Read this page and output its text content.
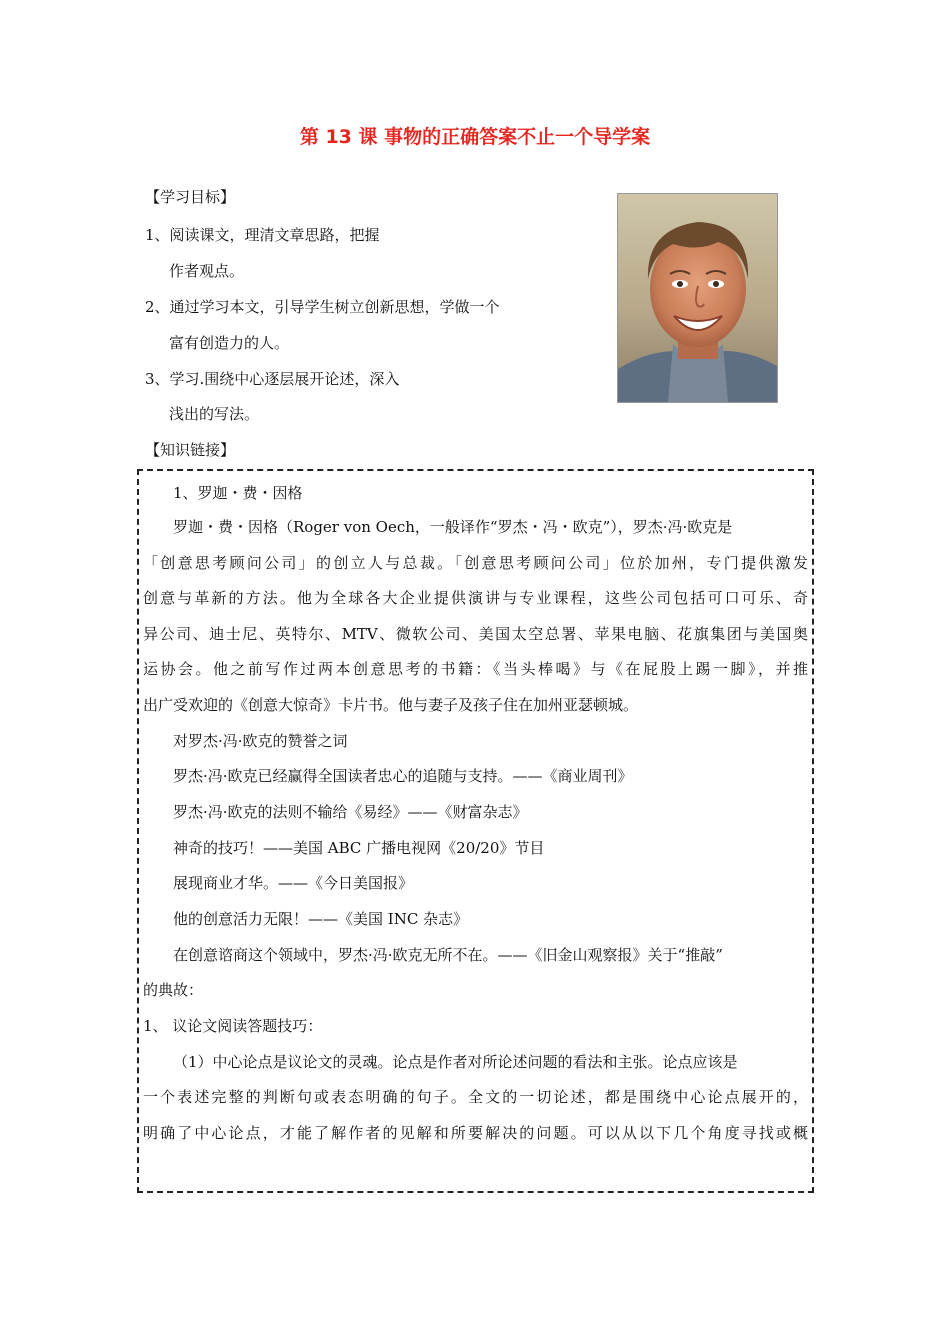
第 13 课 事物的正确答案不止一个导学案
【学习目标】
1、阅读课文，理清文章思路，把握
作者观点。
2、通过学习本文，引导学生树立创新思想，学做一个
富有创造力的人。
3、学习.围绕中心逐层展开论述，深入
浅出的写法。
【知识链接】
1、罗迦・费・因格
罗迦・费・因格（Roger von Oech，一般译作“罗杰・冯・欧克”），罗杰·冯·欧克是
「创意思考顾问公司」的创立人与总裁。「创意思考顾问公司」位於加州，专门提供激发
创意与革新的方法。他为全球各大企业提供演讲与专业课程，这些公司包括可口可乐、奇
异公司、迪士尼、英特尔、MTV、微软公司、美国太空总署、苹果电脑、花旗集团与美国奥
运协会。他之前写作过两本创意思考的书籍：《当头棒喝》与《在屁股上踢一脚》，并推
出广受欢迎的《创意大惊奇》卡片书。他与妻子及孩子住在加州亚瑟顿城。
对罗杰·冯·欧克的赞誉之词
罗杰·冯·欧克已经赢得全国读者忠心的追随与支持。——《商业周刊》
罗杰·冯·欧克的法则不输给《易经》——《财富杂志》
神奇的技巧！——美国 ABC 广播电视网《20/20》节目
展现商业才华。——《今日美国报》
他的创意活力无限！——《美国 INC 杂志》
在创意谘商这个领域中，罗杰·冯·欧克无所不在。——《旧金山观察报》关于“推敲”
的典故：
1、 议论文阅读答题技巧：
（1）中心论点是议论文的灵魂。论点是作者对所论述问题的看法和主张。论点应该是
一个表述完整的判断句或表态明确的句子。全文的一切论述，都是围绕中心论点展开的，
明确了中心论点，才能了解作者的见解和所要解决的问题。可以从以下几个角度寻找或概
